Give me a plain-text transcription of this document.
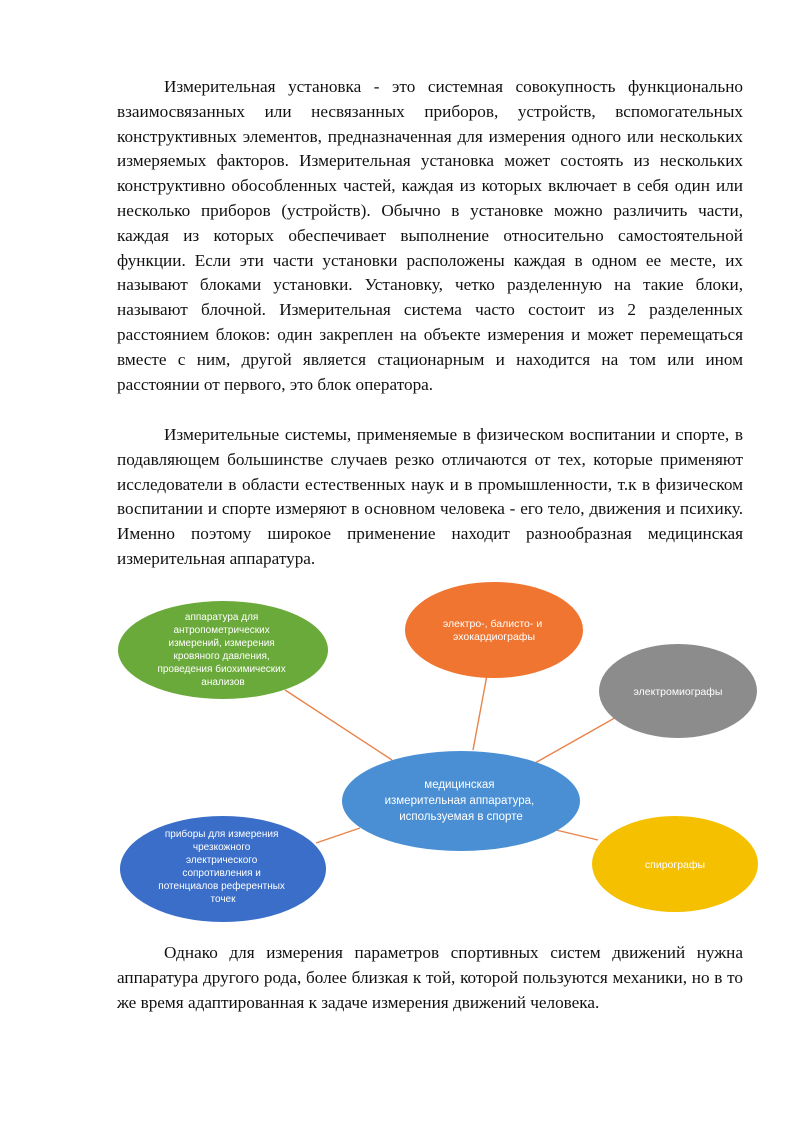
Измерительная установка - это системная совокупность функционально взаимосвязанных или несвязанных приборов, устройств, вспомогательных конструктивных элементов, предназначенная для измерения одного или нескольких измеряемых факторов. Измерительная установка может состоять из нескольких конструктивно обособленных частей, каждая из которых включает в себя один или несколько приборов (устройств). Обычно в установке можно различить части, каждая из которых обеспечивает выполнение относительно самостоятельной функции. Если эти части установки расположены каждая в одном ее месте, их называют блоками установки. Установку, четко разделенную на такие блоки, называют блочной. Измерительная система часто состоит из 2 разделенных расстоянием блоков: один закреплен на объекте измерения и может перемещаться вместе с ним, другой является стационарным и находится на том или ином расстоянии от первого, это блок оператора.

Измерительные системы, применяемые в физическом воспитании и спорте, в подавляющем большинстве случаев резко отличаются от тех, которые применяют исследователи в области естественных наук и в промышленности, т.к в физическом воспитании и спорте измеряют в основном человека - его тело, движения и психику. Именно поэтому широкое применение находит разнообразная медицинская измерительная аппаратура.

медицинская измерительная аппаратура, используемая в спорте
аппаратура для антропометрических измерений, измерения кровяного давления, проведения биохимических анализов
электро-, балисто- и эхокардиографы
электромиографы
приборы для измерения чрезкожного электрического сопротивления и потенциалов референтных точек
спирографы

Однако для измерения параметров спортивных систем движений нужна аппаратура другого рода, более близкая к той, которой пользуются механики, но в то же время адаптированная к задаче измерения движений человека.
